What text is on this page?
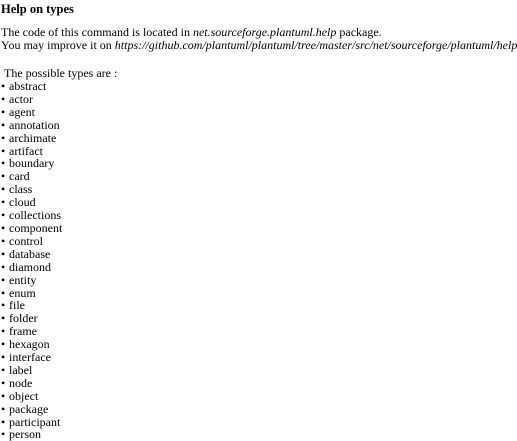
Help on types
The code of this command is located in net.sourceforge.plantuml.help package.
You may improve it on https://github.com/plantuml/plantuml/tree/master/src/net/sourceforge/plantuml/help
The possible types are :
• abstract
• actor
• agent
• annotation
• archimate
• artifact
• boundary
• card
• class
• cloud
• collections
• component
• control
• database
• diamond
• entity
• enum
• file
• folder
• frame
• hexagon
• interface
• label
• node
• object
• package
• participant
• person
